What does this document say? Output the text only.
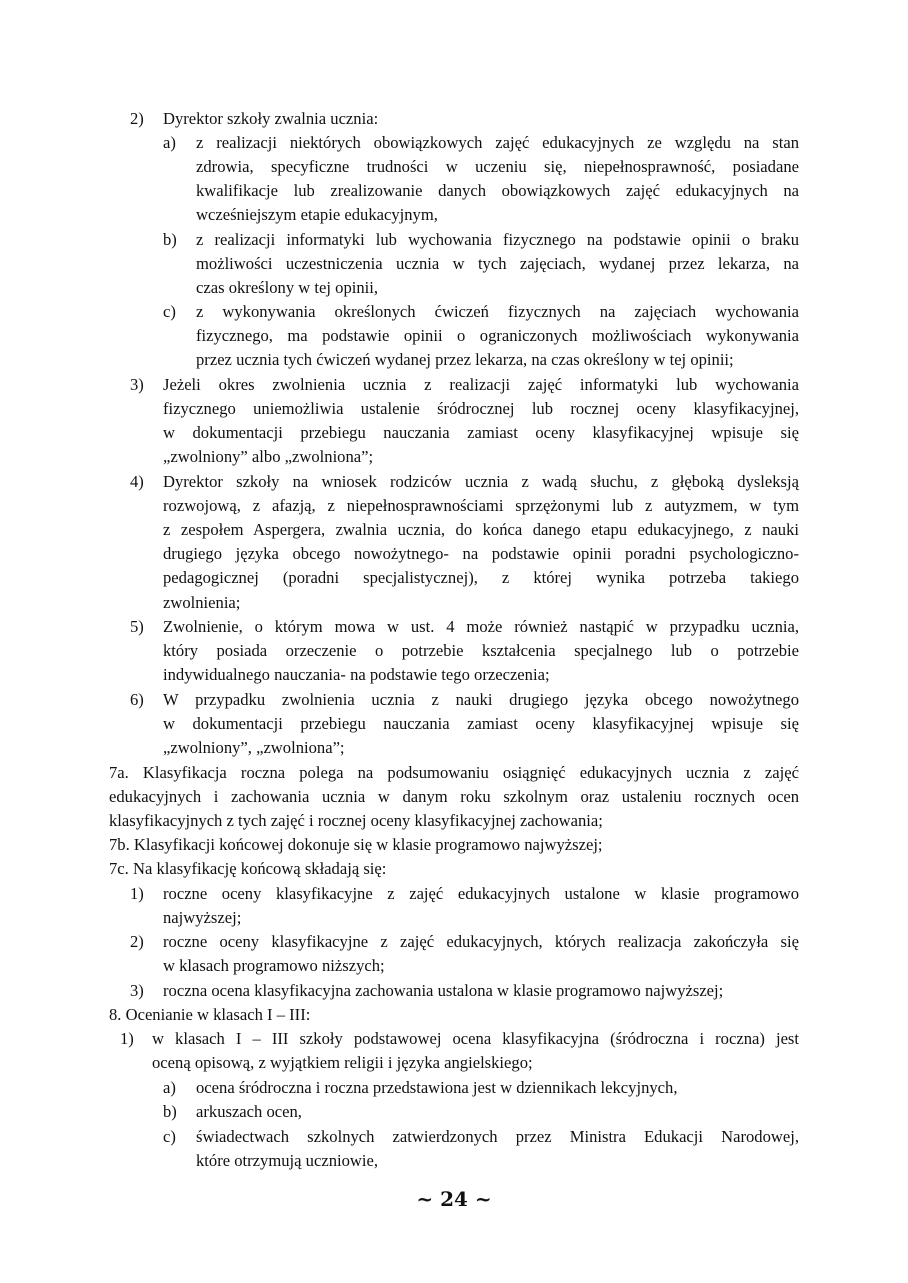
2) Dyrektor szkoły zwalnia ucznia:
a) z realizacji niektórych obowiązkowych zajęć edukacyjnych ze względu na stan
zdrowia, specyficzne trudności w uczeniu się, niepełnosprawność, posiadane
kwalifikacje lub zrealizowanie danych obowiązkowych zajęć edukacyjnych na
wcześniejszym etapie edukacyjnym,
b) z realizacji informatyki lub wychowania fizycznego na podstawie opinii o braku
możliwości uczestniczenia ucznia w tych zajęciach, wydanej przez lekarza, na
czas określony w tej opinii,
c) z wykonywania określonych ćwiczeń fizycznych na zajęciach wychowania
fizycznego, ma podstawie opinii o ograniczonych możliwościach wykonywania
przez ucznia tych ćwiczeń wydanej przez lekarza, na czas określony w tej opinii;
3) Jeżeli okres zwolnienia ucznia z realizacji zajęć informatyki lub wychowania
fizycznego uniemożliwia ustalenie śródrocznej lub rocznej oceny klasyfikacyjnej,
w dokumentacji przebiegu nauczania zamiast oceny klasyfikacyjnej wpisuje się
„zwolniony” albo „zwolniona”;
4) Dyrektor szkoły na wniosek rodziców ucznia z wadą słuchu, z głęboką dysleksją
rozwojową, z afazją, z niepełnosprawnościami sprzężonymi lub z autyzmem, w tym
z zespołem Aspergera, zwalnia ucznia, do końca danego etapu edukacyjnego, z nauki
drugiego języka obcego nowożytnego- na podstawie opinii poradni psychologiczno-
pedagogicznej (poradni specjalistycznej), z której wynika potrzeba takiego
zwolnienia;
5) Zwolnienie, o którym mowa w ust. 4 może również nastąpić w przypadku ucznia,
który posiada orzeczenie o potrzebie kształcenia specjalnego lub o potrzebie
indywidualnego nauczania- na podstawie tego orzeczenia;
6) W przypadku zwolnienia ucznia z nauki drugiego języka obcego nowożytnego
w dokumentacji przebiegu nauczania zamiast oceny klasyfikacyjnej wpisuje się
„zwolniony”, „zwolniona”;
7a. Klasyfikacja roczna polega na podsumowaniu osiągnięć edukacyjnych ucznia z zajęć
edukacyjnych i zachowania ucznia w danym roku szkolnym oraz ustaleniu rocznych ocen
klasyfikacyjnych z tych zajęć i rocznej oceny klasyfikacyjnej zachowania;
7b. Klasyfikacji końcowej dokonuje się w klasie programowo najwyższej;
7c. Na klasyfikację końcową składają się:
1) roczne oceny klasyfikacyjne z zajęć edukacyjnych ustalone w klasie programowo
najwyższej;
2) roczne oceny klasyfikacyjne z zajęć edukacyjnych, których realizacja zakończyła się
w klasach programowo niższych;
3) roczna ocena klasyfikacyjna zachowania ustalona w klasie programowo najwyższej;
8. Ocenianie w klasach I – III:
1) w klasach I – III szkoły podstawowej ocena klasyfikacyjna (śródroczna i roczna) jest
oceną opisową, z wyjątkiem religii i języka angielskiego;
a) ocena śródroczna i roczna przedstawiona jest w dziennikach lekcyjnych,
b) arkuszach ocen,
c) świadectwach szkolnych zatwierdzonych przez Ministra Edukacji Narodowej,
które otrzymują uczniowie,
~ 24 ~
